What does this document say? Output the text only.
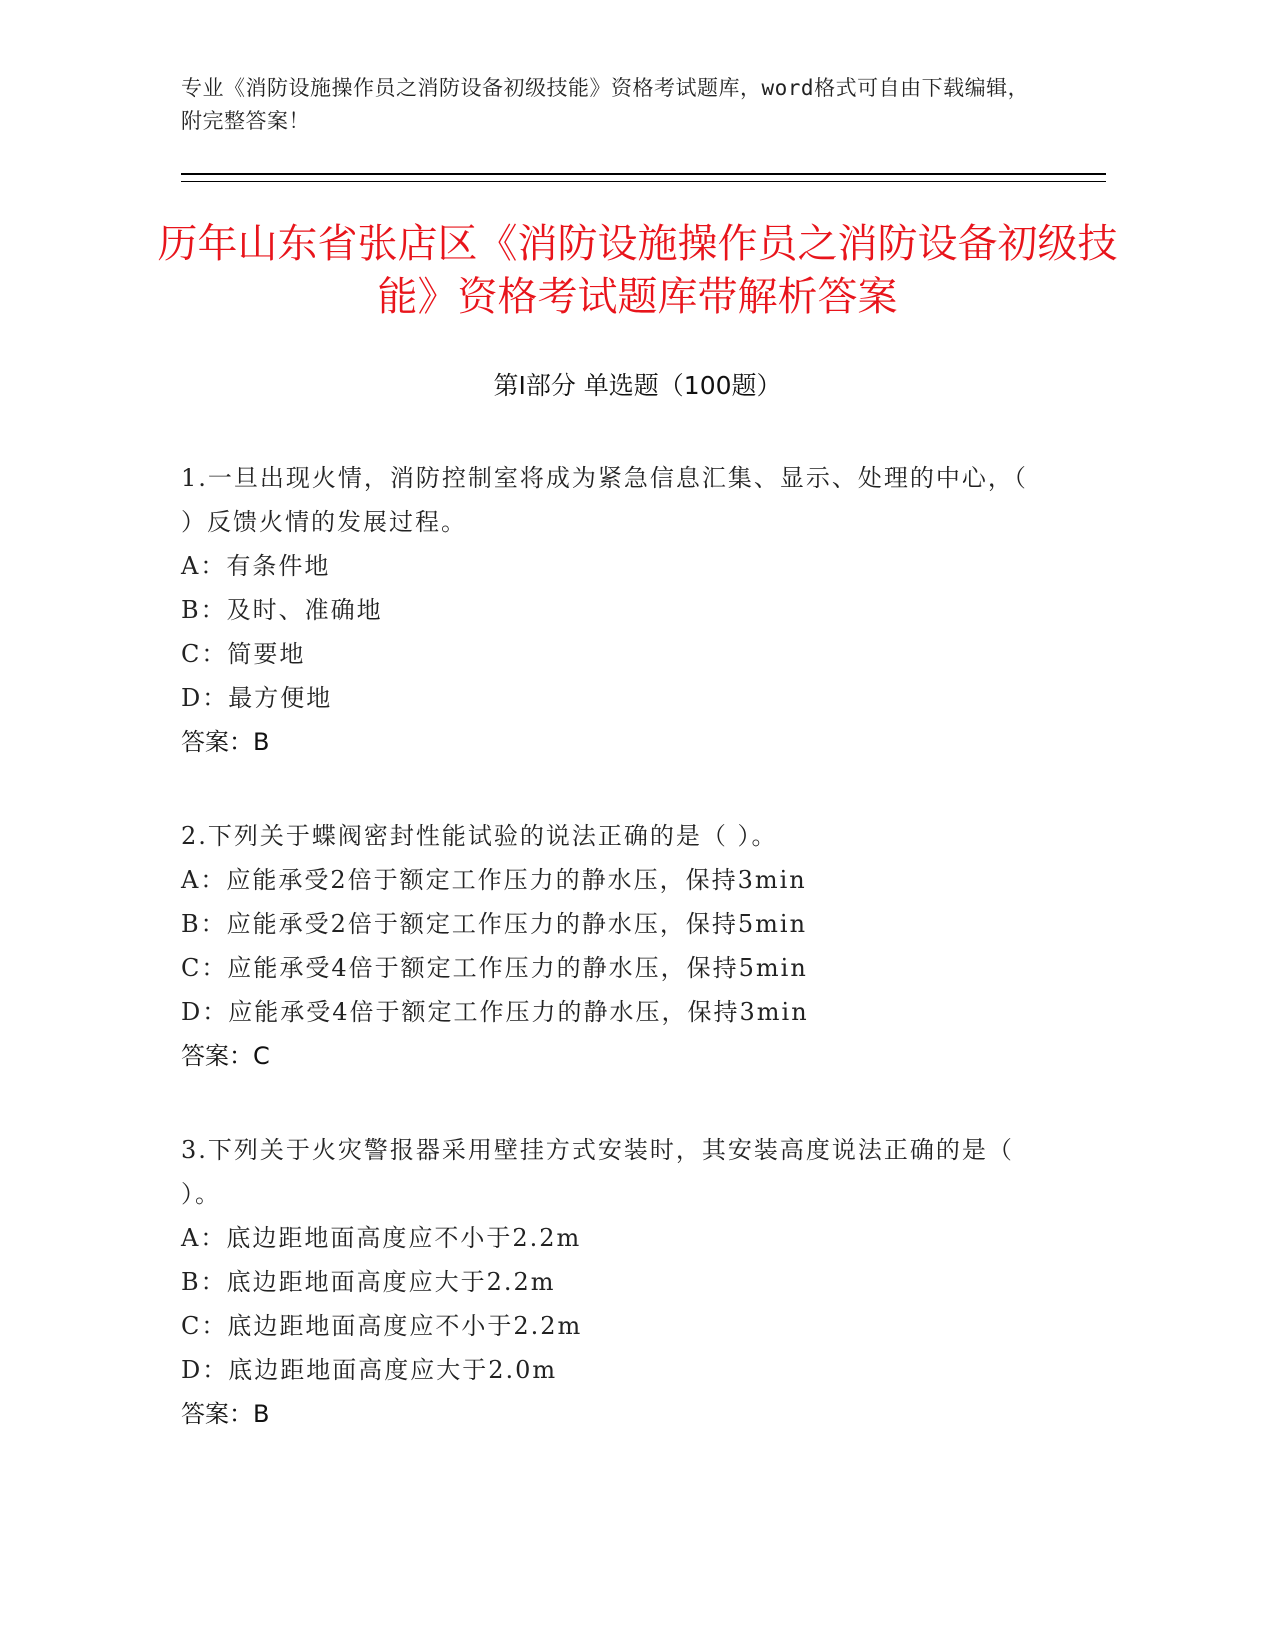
专业《消防设施操作员之消防设备初级技能》资格考试题库，word格式可自由下载编辑，附完整答案！
历年山东省张店区《消防设施操作员之消防设备初级技能》资格考试题库带解析答案
第Ⅰ部分 单选题（100题）
1.一旦出现火情，消防控制室将成为紧急信息汇集、显示、处理的中心，（ ）反馈火情的发展过程。
A：有条件地
B：及时、准确地
C：简要地
D：最方便地
答案：B
2.下列关于蝶阀密封性能试验的说法正确的是（ ）。
A：应能承受2倍于额定工作压力的静水压，保持3min
B：应能承受2倍于额定工作压力的静水压，保持5min
C：应能承受4倍于额定工作压力的静水压，保持5min
D：应能承受4倍于额定工作压力的静水压，保持3min
答案：C
3.下列关于火灾警报器采用壁挂方式安装时，其安装高度说法正确的是（ ）。
A：底边距地面高度应不小于2.2m
B：底边距地面高度应大于2.2m
C：底边距地面高度应不小于2.2m
D：底边距地面高度应大于2.0m
答案：B
